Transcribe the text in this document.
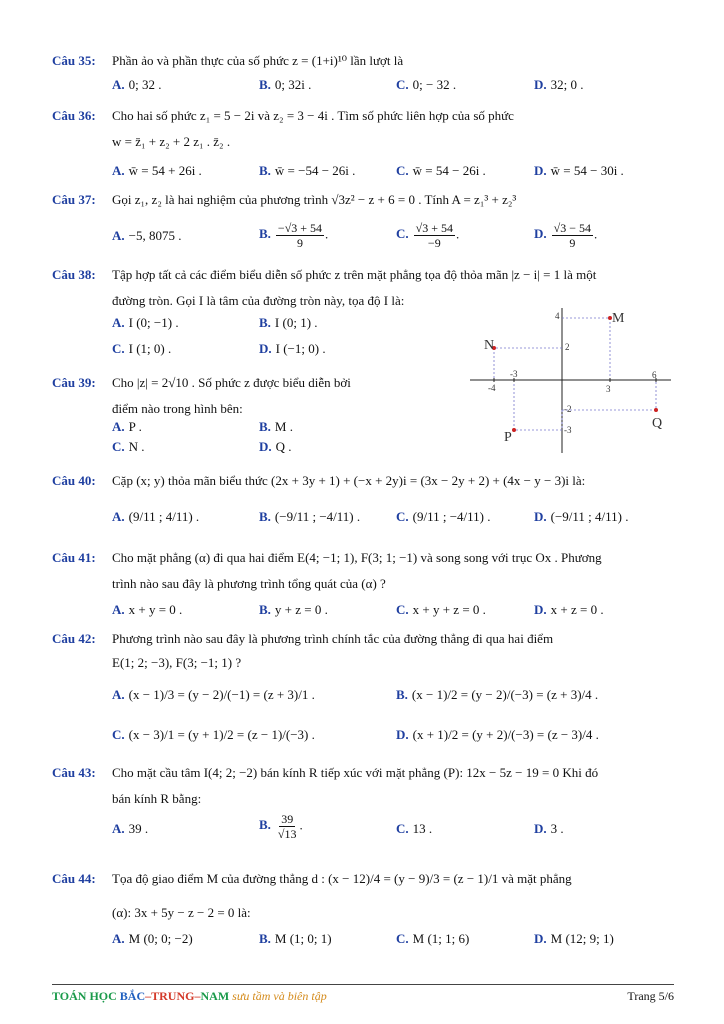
Câu 35: Phần ảo và phần thực của số phức z = (1+i)¹⁰ lần lượt là
A. 0; 32 .	B. 0; 32i .	C. 0; − 32 .	D. 32; 0 .
Câu 36: Cho hai số phức z₁ = 5 − 2i và z₂ = 3 − 4i . Tìm số phức liên hợp của số phức
w = z̄₁ + z₂ + 2 z₁ . z̄₂ .
A. w̄ = 54 + 26i .	B. w̄ = −54 − 26i .	C. w̄ = 54 − 26i .	D. w̄ = 54 − 30i .
Câu 37: Gọi z₁, z₂ là hai nghiệm của phương trình √3z² − z + 6 = 0 . Tính A = z₁³ + z₂³
A. −5, 8075 .	B. $\frac{-√3 + 54}{9}$ .	C. $\frac{√3 + 54}{-9}$ .	D. $\frac{√3 - 54}{9}$ .
Câu 38: Tập hợp tất cả các điểm biểu diễn số phức z trên mặt phẳng tọa độ thỏa mãn |z − i| = 1 là một
đường tròn. Gọi I là tâm của đường tròn này, tọa độ I là:
A. I (0; −1) .	B. I (0; 1) .
C. I (1; 0) .	D. I (−1; 0) .
Câu 39: Cho |z| = 2√10 . Số phức z được biểu diễn bởi
điểm nào trong hình bên:
A. P .	B. M .
C. N .	D. Q .
M
N
P
Q
4
2
-3
-4	3
6
-2
-3
Câu 40: Cặp (x; y) thỏa mãn biểu thức (2x + 3y + 1) + (−x + 2y)i = (3x − 2y + 2) + (4x − y − 3)i là:
A. (9/11 ; 4/11) .	B. (−9/11 ; −4/11) .	C. (9/11 ; −4/11) .	D. (−9/11 ; 4/11) .
Câu 41: Cho mặt phẳng (α) đi qua hai điểm E(4; −1; 1), F(3; 1; −1) và song song với trục Ox . Phương
trình nào sau đây là phương trình tổng quát của (α) ?
A. x + y = 0 .	B. y + z = 0 .	C. x + y + z = 0 .	D. x + z = 0 .
Câu 42: Phương trình nào sau đây là phương trình chính tắc của đường thẳng đi qua hai điểm
E(1; 2; −3), F(3; −1; 1) ?
A. (x − 1)/3 = (y − 2)/(−1) = (z + 3)/1 .	B. (x − 1)/2 = (y − 2)/(−3) = (z + 3)/4 .
C. (x − 3)/1 = (y + 1)/2 = (z − 1)/(−3) .	D. (x + 1)/2 = (y + 2)/(−3) = (z − 3)/4 .
Câu 43: Cho mặt cầu tâm I(4; 2; −2) bán kính R tiếp xúc với mặt phẳng (P): 12x − 5z − 19 = 0 Khi đó
bán kính R bằng:
A. 39 .	B. $\frac{39}{√13}$ .	C. 13 .	D. 3 .
Câu 44: Tọa độ giao điểm M của đường thẳng d : (x − 12)/4 = (y − 9)/3 = (z − 1)/1 và mặt phẳng
(α): 3x + 5y − z − 2 = 0 là:
A. M (0; 0; −2)	B. M (1; 0; 1)	C. M (1; 1; 6)	D. M (12; 9; 1)
TOÁN HỌC BẮC–TRUNG–NAM sưu tầm và biên tập	Trang 5/6
